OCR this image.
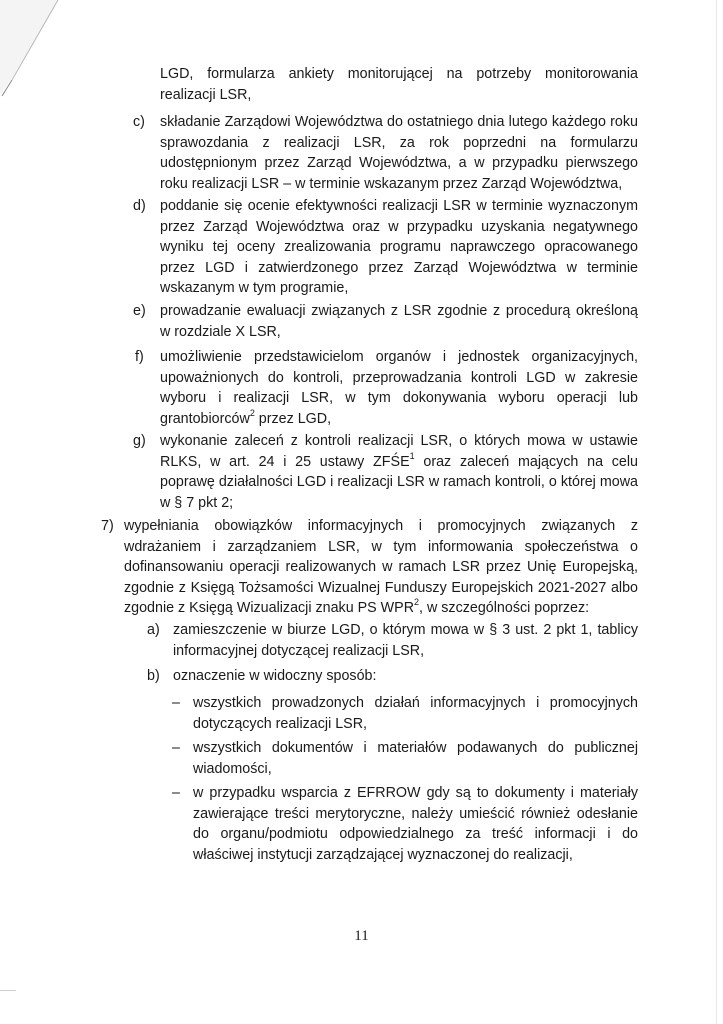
LGD, formularza ankiety monitorującej na potrzeby monitorowania realizacji LSR,

c) składanie Zarządowi Województwa do ostatniego dnia lutego każdego roku sprawozdania z realizacji LSR, za rok poprzedni na formularzu udostępnionym przez Zarząd Województwa, a w przypadku pierwszego roku realizacji LSR – w terminie wskazanym przez Zarząd Województwa,

d) poddanie się ocenie efektywności realizacji LSR w terminie wyznaczonym przez Zarząd Województwa oraz w przypadku uzyskania negatywnego wyniku tej oceny zrealizowania programu naprawczego opracowanego przez LGD i zatwierdzonego przez Zarząd Województwa w terminie wskazanym w tym programie,

e) prowadzanie ewaluacji związanych z LSR zgodnie z procedurą określoną w rozdziale X LSR,

f) umożliwienie przedstawicielom organów i jednostek organizacyjnych, upoważnionych do kontroli, przeprowadzania kontroli LGD w zakresie wyboru i realizacji LSR, w tym dokonywania wyboru operacji lub grantobiorców$^2$ przez LGD,

g) wykonanie zaleceń z kontroli realizacji LSR, o których mowa w ustawie RLKS, w art. 24 i 25 ustawy ZFŚE$^1$ oraz zaleceń mających na celu poprawę działalności LGD i realizacji LSR w ramach kontroli, o której mowa w § 7 pkt 2;

7) wypełniania obowiązków informacyjnych i promocyjnych związanych z wdrażaniem i zarządzaniem LSR, w tym informowania społeczeństwa o dofinansowaniu operacji realizowanych w ramach LSR przez Unię Europejską, zgodnie z Księgą Tożsamości Wizualnej Funduszy Europejskich 2021-2027 albo zgodnie z Księgą Wizualizacji znaku PS WPR$^2$, w szczególności poprzez:

a) zamieszczenie w biurze LGD, o którym mowa w § 3 ust. 2 pkt 1, tablicy informacyjnej dotyczącej realizacji LSR,

b) oznaczenie w widoczny sposób:

– wszystkich prowadzonych działań informacyjnych i promocyjnych dotyczących realizacji LSR,

– wszystkich dokumentów i materiałów podawanych do publicznej wiadomości,

– w przypadku wsparcia z EFRROW gdy są to dokumenty i materiały zawierające treści merytoryczne, należy umieścić również odesłanie do organu/podmiotu odpowiedzialnego za treść informacji i do właściwej instytucji zarządzającej wyznaczonej do realizacji,

11
